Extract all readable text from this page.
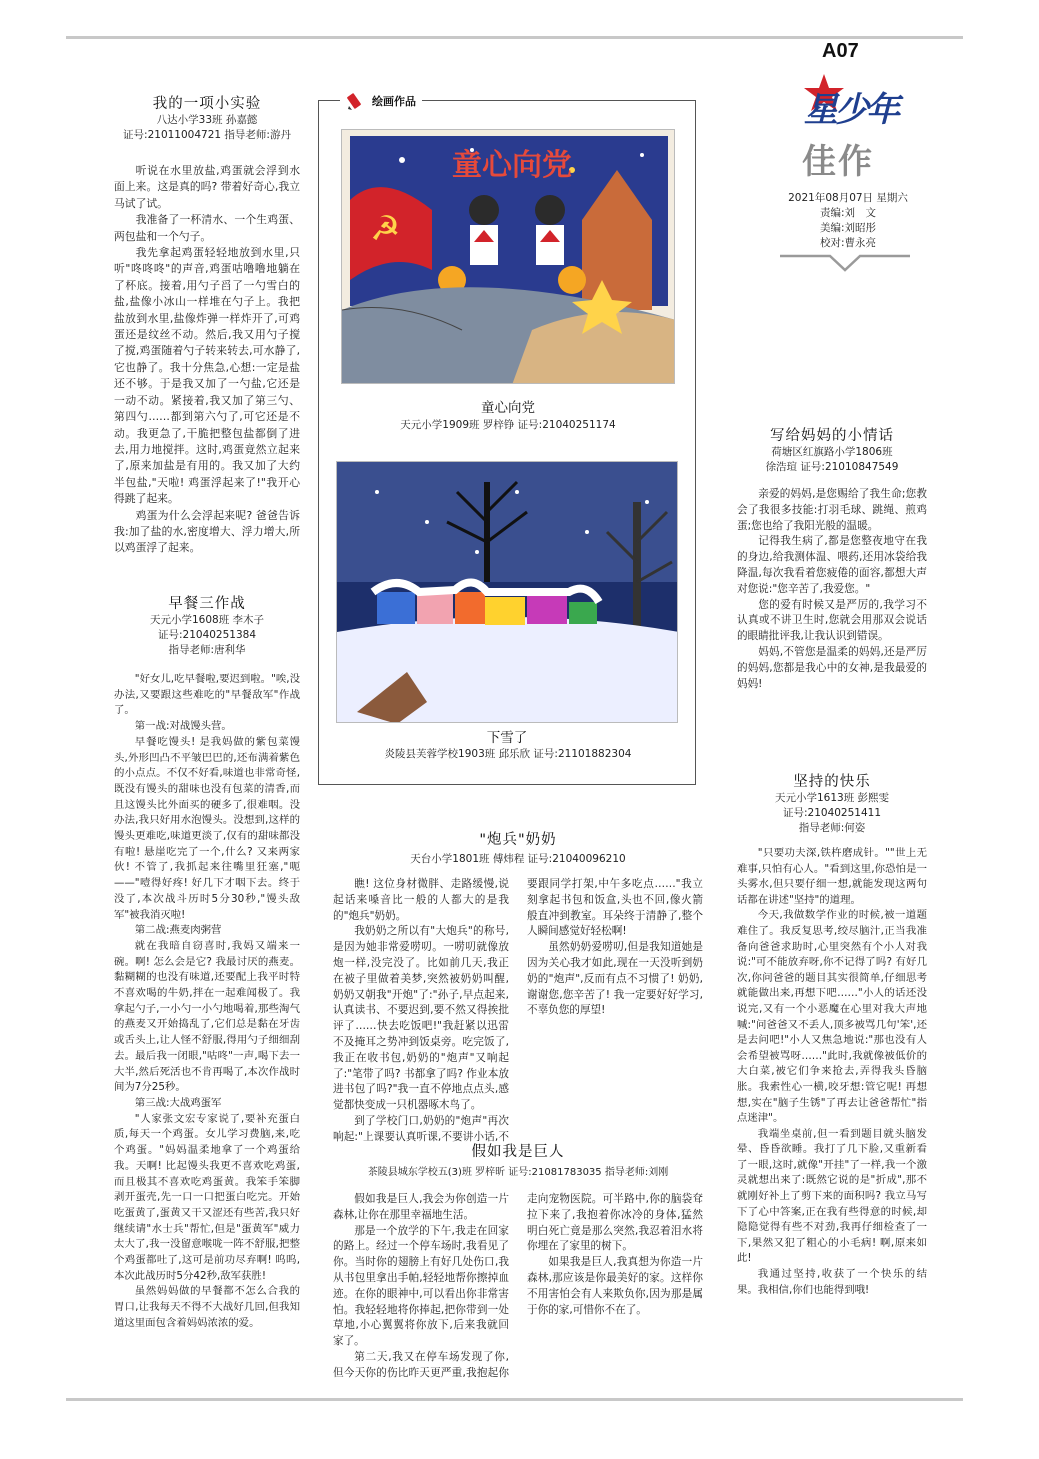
A07
星少年
佳作
2021年08月07日 星期六
责编:刘　文
美编:刘昭彤
校对:曹永亮
我的一项小实验
八达小学33班 孙嘉懿
证号:21011004721 指导老师:游丹

听说在水里放盐,鸡蛋就会浮到水面上来。这是真的吗? 带着好奇心,我立马试了试。

我准备了一杯清水、一个生鸡蛋、两包盐和一个勺子。

我先拿起鸡蛋轻轻地放到水里,只听"咚咚咚"的声音,鸡蛋咕噜噜地躺在了杯底。接着,用勺子舀了一勺雪白的盐,盐像小冰山一样堆在勺子上。我把盐放到水里,盐像炸弹一样炸开了,可鸡蛋还是纹丝不动。然后,我又用勺子搅了搅,鸡蛋随着勺子转来转去,可水静了,它也静了。我十分焦急,心想:一定是盐还不够。于是我又加了一勺盐,它还是一动不动。紧接着,我又加了第三勺、第四勺……都到第六勺了,可它还是不动。我更急了,干脆把整包盐都倒了进去,用力地搅拌。这时,鸡蛋竟然立起来了,原来加盐是有用的。我又加了大约半包盐,"天啦! 鸡蛋浮起来了!"我开心得跳了起来。

鸡蛋为什么会浮起来呢? 爸爸告诉我:加了盐的水,密度增大、浮力增大,所以鸡蛋浮了起来。

早餐三作战
天元小学1608班 李木子
证号:21040251384
指导老师:唐利华

"好女儿,吃早餐啦,要迟到啦。"唉,没办法,又要跟这些难吃的"早餐敌军"作战了。

第一战:对战馒头营。

早餐吃馒头! 是我妈做的紫包菜馒头,外形凹凸不平皱巴巴的,还布满着紫色的小点点。不仅不好看,味道也非常奇怪,既没有馒头的甜味也没有包菜的清香,而且这馒头比外面买的硬多了,很难咽。没办法,我只好用水泡馒头。没想到,这样的馒头更难吃,味道更淡了,仅有的甜味都没有啦! 悬崖吃完了一个,什么? 又来两家伙! 不管了,我抓起来往嘴里狂塞,"呃——"噎得好疼! 好几下才咽下去。终于没了,本次战斗历时5分30秒,"馒头敌军"被我消灭啦!

第二战:燕麦肉粥营

就在我暗自窃喜时,我妈又端来一碗。啊! 怎么会是它? 我最讨厌的燕麦。黏糊糊的也没有味道,还要配上我平时特不喜欢喝的牛奶,拌在一起难闻极了。我拿起勺子,一小勺一小勺地喝着,那些淘气的燕麦又开始捣乱了,它们总是黏在牙齿或舌头上,让人怪不舒服,得用勺子细细刮去。最后我一闭眼,"咕咚"一声,喝下去一大半,然后死活也不肯再喝了,本次作战时间为7分25秒。

第三战:大战鸡蛋军

"人家张文宏专家说了,要补充蛋白质,每天一个鸡蛋。女儿学习费脑,来,吃个鸡蛋。"妈妈温柔地拿了一个鸡蛋给我。天啊! 比起馒头我更不喜欢吃鸡蛋,而且极其不喜欢吃鸡蛋黄。我笨手笨脚剥开蛋壳,先一口一口把蛋白吃完。开始吃蛋黄了,蛋黄又干又涩还有些苦,我只好继续请"水士兵"帮忙,但是"蛋黄军"威力太大了,我一没留意喉咙一阵不舒服,把整个鸡蛋都吐了,这可是前功尽弃啊! 呜呜,本次此战历时5分42秒,敌军获胜!

虽然妈妈做的早餐都不怎么合我的胃口,让我每天不得不大战好几回,但我知道这里面包含着妈妈浓浓的爱。

绘画作品
☭
童心向党
童心向党
天元小学1909班 罗梓铮 证号:21040251174
下雪了
炎陵县芙蓉学校1903班 邱乐欣 证号:21101882304
"炮兵"奶奶
天台小学1801班 傅炜程 证号:21040096210

瞧! 这位身材微胖、走路缓慢,说起话来嗓音比一般的人都大的是我的"炮兵"奶奶。

我奶奶之所以有"大炮兵"的称号,是因为她非常爱唠叨。一唠叨就像放炮一样,没完没了。比如前几天,我正在被子里做着美梦,突然被奶奶叫醒,奶奶又朝我"开炮"了:"孙子,早点起来,认真读书、不要迟到,要不然又得挨批评了……快去吃饭吧!"我赶紧以迅雷不及掩耳之势冲到饭桌旁。吃完饭了,我正在收书包,奶奶的"炮声"又响起了:"笔带了吗? 书都拿了吗? 作业本放进书包了吗?"我一直不停地点点头,感觉都快变成一只机器啄木鸟了。

到了学校门口,奶奶的"炮声"再次响起:"上课要认真听课,不要讲小话,不要跟同学打架,中午多吃点……"我立刻拿起书包和饭盒,头也不回,像火箭般直冲到教室。耳朵终于清静了,整个人瞬间感觉好轻松啊!

虽然奶奶爱唠叨,但是我知道她是因为关心我才如此,现在一天没听到奶奶的"炮声",反而有点不习惯了! 奶奶,谢谢您,您辛苦了! 我一定要好好学习,不辜负您的厚望!

假如我是巨人
茶陵县城东学校五(3)班 罗梓昕 证号:21081783035 指导老师:刘刚

假如我是巨人,我会为你创造一片森林,让你在那里幸福地生活。

那是一个放学的下午,我走在回家的路上。经过一个停车场时,我看见了你。当时你的翅膀上有好几处伤口,我从书包里拿出手帕,轻轻地帮你擦掉血迹。在你的眼神中,可以看出你非常害怕。我轻轻地将你捧起,把你带到一处草地,小心翼翼将你放下,后来我就回家了。

第二天,我又在停车场发现了你,但今天你的伤比昨天更严重,我抱起你走向宠物医院。可半路中,你的脑袋耷拉下来了,我抱着你冰冷的身体,猛然明白死亡竟是那么突然,我忍着泪水将你埋在了家里的树下。

如果我是巨人,我真想为你造一片森林,那应该是你最美好的家。这样你不用害怕会有人来欺负你,因为那是属于你的家,可惜你不在了。

写给妈妈的小情话
荷塘区红旗路小学1806班
徐浩瑄 证号:21010847549

亲爱的妈妈,是您赐给了我生命;您教会了我很多技能:打羽毛球、跳绳、煎鸡蛋;您也给了我阳光般的温暖。

记得我生病了,都是您整夜地守在我的身边,给我测体温、喂药,还用冰袋给我降温,每次我看着您疲倦的面容,都想大声对您说:"您辛苦了,我爱您。"

您的爱有时候又是严厉的,我学习不认真或不讲卫生时,您就会用那双会说话的眼睛批评我,让我认识到错误。

妈妈,不管您是温柔的妈妈,还是严厉的妈妈,您都是我心中的女神,是我最爱的妈妈!

坚持的快乐
天元小学1613班 彭熙雯
证号:21040251411
指导老师:何姿

"只要功夫深,铁杵磨成针。""世上无难事,只怕有心人。"看到这里,你恐怕是一头雾水,但只要仔细一想,就能发现这两句话都在讲述"坚持"的道理。

今天,我做数学作业的时候,被一道题难住了。我反复思考,绞尽脑汁,正当我准备向爸爸求助时,心里突然有个小人对我说:"可不能放弃呀,你不记得了吗? 有好几次,你问爸爸的题目其实很简单,仔细思考就能做出来,再想下吧……"小人的话还没说完,又有一个小恶魔在心里对我大声地喊:"问爸爸又不丢人,顶多被骂几句'笨',还是去问吧!"小人又焦急地说:"那也没有人会希望被骂呀……"此时,我就像被低价的大白菜,被它们争来抢去,弄得我头昏脑胀。我索性心一横,咬牙想:管它呢! 再想想,实在"脑子生锈"了再去让爸爸帮忙"指点迷津"。

我端坐桌前,但一看到题目就头脑发晕、昏昏欲睡。我打了几下脸,又重新看了一眼,这时,就像"开挂"了一样,我一个激灵就想出来了:既然它说的是"折成",那不就刚好补上了剪下来的面积吗? 我立马写下了心中答案,正在我有些得意的时候,却隐隐觉得有些不对劲,我再仔细检查了一下,果然又犯了粗心的小毛病! 啊,原来如此!

我通过坚持,收获了一个快乐的结果。我相信,你们也能得到哦!
